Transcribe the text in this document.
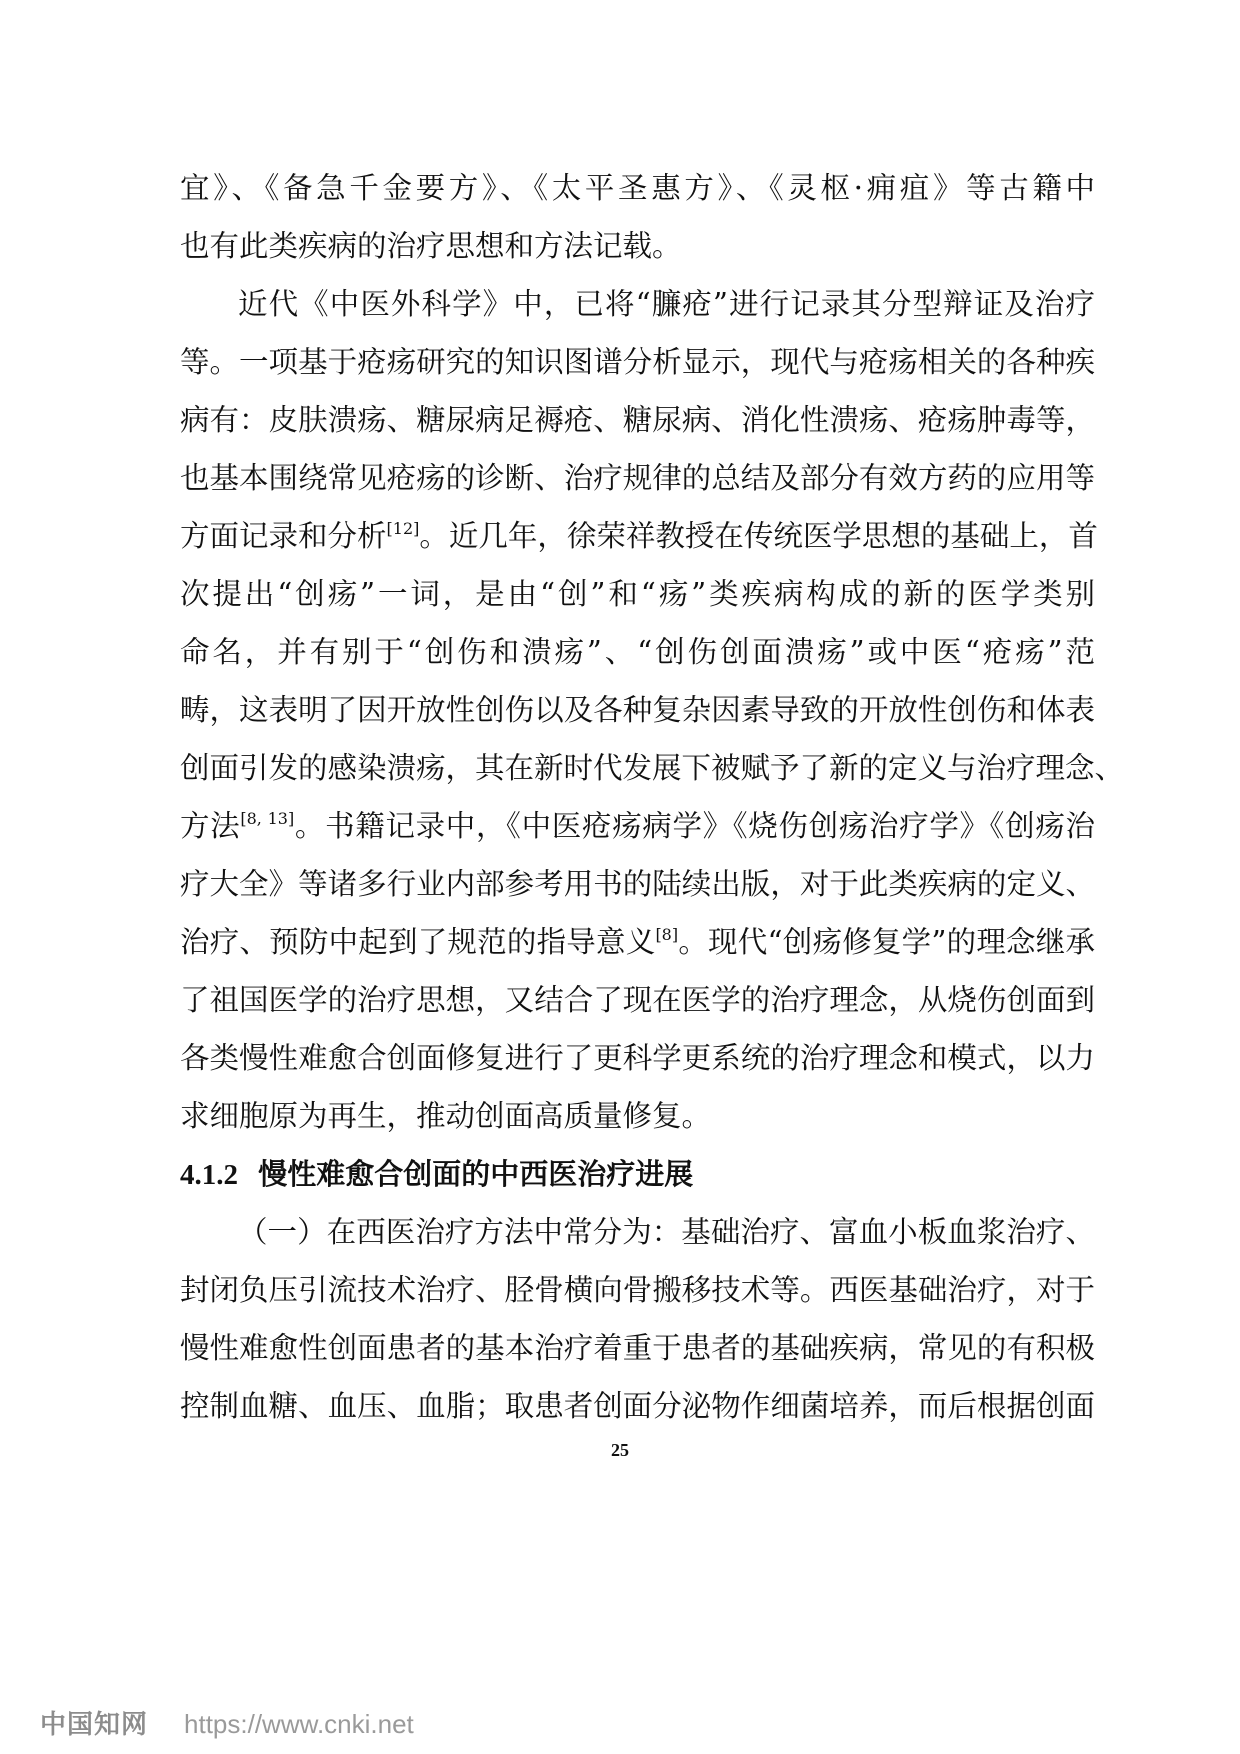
宜》、《备急千金要方》、《太平圣惠方》、《灵枢·痈疽》等古籍中
也有此类疾病的治疗思想和方法记载。
近代《中医外科学》中，已将“臁疮”进行记录其分型辩证及治疗
等。一项基于疮疡研究的知识图谱分析显示，现代与疮疡相关的各种疾
病有：皮肤溃疡、糖尿病足褥疮、糖尿病、消化性溃疡、疮疡肿毒等，
也基本围绕常见疮疡的诊断、治疗规律的总结及部分有效方药的应用等
方面记录和分析[12]。近几年，徐荣祥教授在传统医学思想的基础上，首
次提出“创疡”一词，是由“创”和“疡”类疾病构成的新的医学类别
命名，并有别于“创伤和溃疡”、“创伤创面溃疡”或中医“疮疡”范
畴，这表明了因开放性创伤以及各种复杂因素导致的开放性创伤和体表
创面引发的感染溃疡，其在新时代发展下被赋予了新的定义与治疗理念、
方法[8, 13]。书籍记录中，《中医疮疡病学》《烧伤创疡治疗学》《创疡治
疗大全》等诸多行业内部参考用书的陆续出版，对于此类疾病的定义、
治疗、预防中起到了规范的指导意义[8]。现代“创疡修复学”的理念继承
了祖国医学的治疗思想，又结合了现在医学的治疗理念，从烧伤创面到
各类慢性难愈合创面修复进行了更科学更系统的治疗理念和模式，以力
求细胞原为再生，推动创面高质量修复。
4.1.2 慢性难愈合创面的中西医治疗进展
（一）在西医治疗方法中常分为：基础治疗、富血小板血浆治疗、
封闭负压引流技术治疗、胫骨横向骨搬移技术等。西医基础治疗，对于
慢性难愈性创面患者的基本治疗着重于患者的基础疾病，常见的有积极
控制血糖、血压、血脂；取患者创面分泌物作细菌培养，而后根据创面
25
中国知网 https://www.cnki.net
